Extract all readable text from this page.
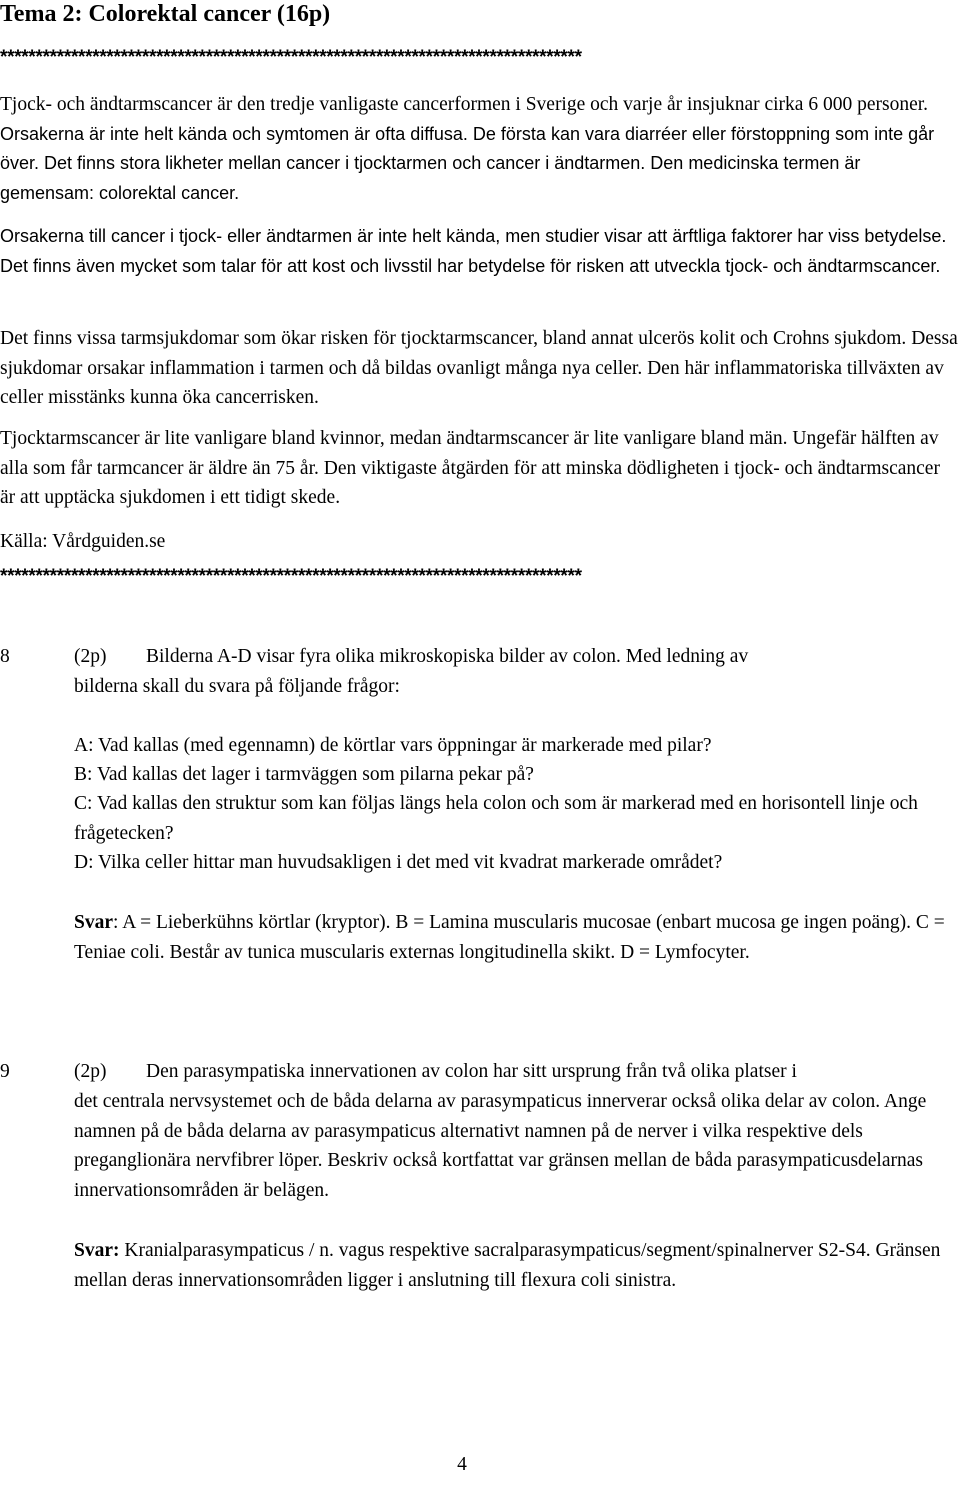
Tema 2: Colorektal cancer (16p)
**********************************************************************************
Tjock- och ändtarmscancer är den tredje vanligaste cancerformen i Sverige och varje år insjuknar cirka 6 000 personer. Orsakerna är inte helt kända och symtomen är ofta diffusa. De första kan vara diarréer eller förstoppning som inte går över. Det finns stora likheter mellan cancer i tjocktarmen och cancer i ändtarmen. Den medicinska termen är gemensam: colorektal cancer.
Orsakerna till cancer i tjock- eller ändtarmen är inte helt kända, men studier visar att ärftliga faktorer har viss betydelse. Det finns även mycket som talar för att kost och livsstil har betydelse för risken att utveckla tjock- och ändtarmscancer.
Det finns vissa tarmsjukdomar som ökar risken för tjocktarmscancer, bland annat ulcerös kolit och Crohns sjukdom. Dessa sjukdomar orsakar inflammation i tarmen och då bildas ovanligt många nya celler. Den här inflammatoriska tillväxten av celler misstänks kunna öka cancerrisken.
Tjocktarmscancer är lite vanligare bland kvinnor, medan ändtarmscancer är lite vanligare bland män. Ungefär hälften av alla som får tarmcancer är äldre än 75 år. Den viktigaste åtgärden för att minska dödligheten i tjock- och ändtarmscancer är att upptäcka sjukdomen i ett tidigt skede.
Källa: Vårdguiden.se
**********************************************************************************
8	(2p) Bilderna A-D visar fyra olika mikroskopiska bilder av colon. Med ledning av
bilderna skall du svara på följande frågor:
A: Vad kallas (med egennamn) de körtlar vars öppningar är markerade med pilar?
B: Vad kallas det lager i tarmväggen som pilarna pekar på?
C: Vad kallas den struktur som kan följas längs hela colon och som är markerad med en horisontell linje och frågetecken?
D: Vilka celler hittar man huvudsakligen i det med vit kvadrat markerade området?
Svar: A = Lieberkühns körtlar (kryptor). B = Lamina muscularis mucosae (enbart mucosa ge ingen poäng). C = Teniae coli. Består av tunica muscularis externas longitudinella skikt. D = Lymfocyter.
9	(2p) Den parasympatiska innervationen av colon har sitt ursprung från två olika platser i
det centrala nervsystemet och de båda delarna av parasympaticus innerverar också olika delar av colon. Ange namnen på de båda delarna av parasympaticus alternativt namnen på de nerver i vilka respektive dels preganglionära nervfibrer löper. Beskriv också kortfattat var gränsen mellan de båda parasympaticusdelarnas innervationsområden är belägen.
Svar: Kranialparasympaticus / n. vagus respektive sacralparasympaticus/segment/spinalnerver S2-S4. Gränsen mellan deras innervationsområden ligger i anslutning till flexura coli sinistra.
4
